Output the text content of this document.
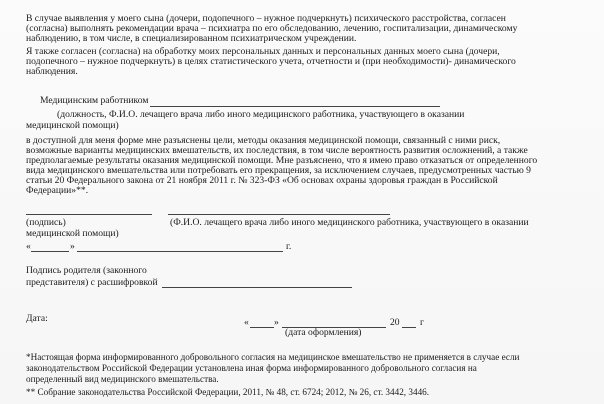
В случае выявления у моего сына (дочери, подопечного – нужное подчеркнуть) психического расстройства, согласен
(согласна) выполнять рекомендации врача – психиатра по его обследованию, лечению, госпитализации, динамическому
наблюдению, в том числе, в специализированном психиатрическом учреждении.
Я также согласен (согласна) на обработку моих персональных данных и персональных данных моего сына (дочери,
подопечного – нужное подчеркнуть) в целях статистического учета, отчетности и (при необходимости)- динамического
наблюдения.
Медицинским работником
(должность, Ф.И.О. лечащего врача либо иного медицинского работника, участвующего в оказании
медицинской помощи)
в доступной для меня форме мне разъяснены цели, методы оказания медицинской помощи, связанный с ними риск,
возможные варианты медицинских вмешательств, их последствия, в том числе вероятность развития осложнений, а также
предполагаемые результаты оказания медицинской помощи. Мне разъяснено, что я имею право отказаться от определенного
вида медицинского вмешательства или потребовать его прекращения, за исключением случаев, предусмотренных частью 9
статьи 20 Федерального закона от 21 ноября 2011 г. № 323-ФЗ «Об основах охраны здоровья граждан в Российской
Федерации»**.
(подпись)	(Ф.И.О. лечащего врача либо иного медицинского работника, участвующего в оказании
медицинской помощи)
«	»	г.
Подпись родителя (законного
представителя) с расшифровкой
Дата:	«	»	20 г
(дата оформления)
*Настоящая форма информированного добровольного согласия на медицинское вмешательство не применяется в случае если
законодательством Российской Федерации установлена иная форма информированного добровольного согласия на
определенный вид медицинского вмешательства.
** Собрание законодательства Российской Федерации, 2011, № 48, ст. 6724; 2012, № 26, ст. 3442, 3446.
